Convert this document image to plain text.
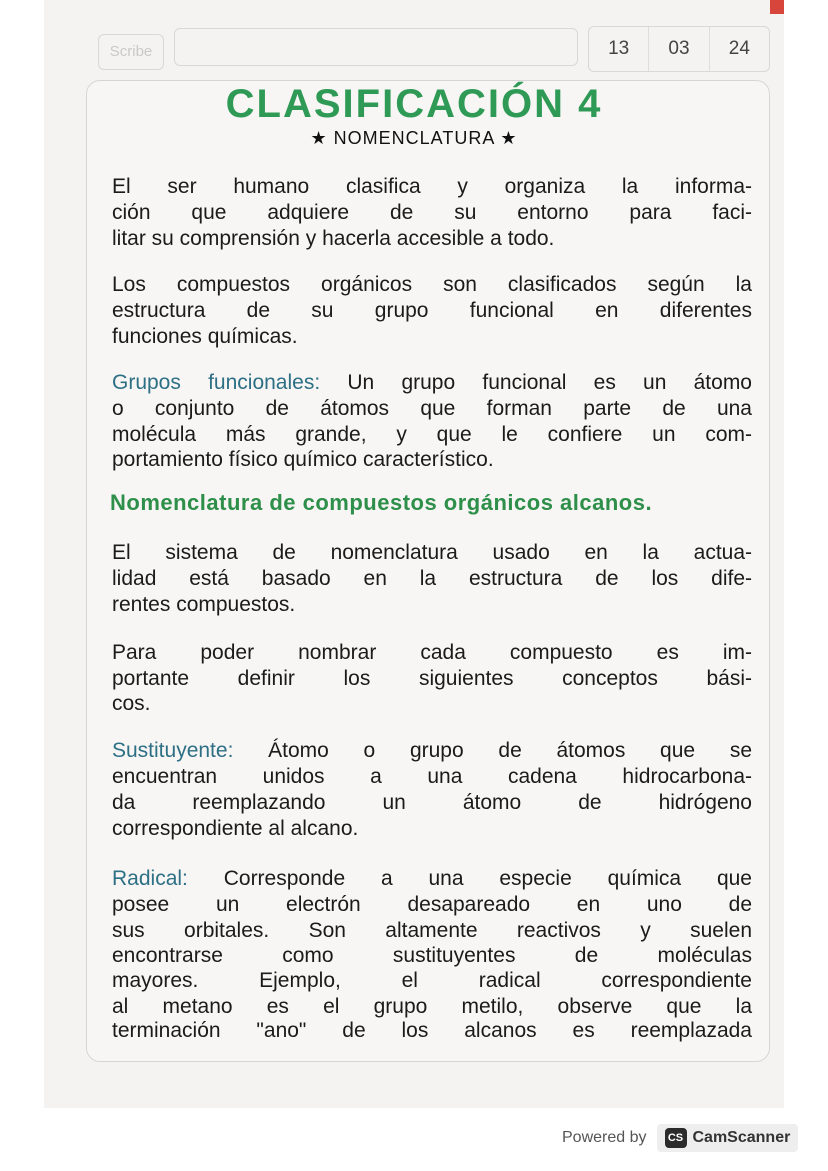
Scribe	13	03	24
CLASIFICACIÓN 4
★ NOMENCLATURA ★
El ser humano clasifica y organiza la informa-
ción que adquiere de su entorno para faci-
litar su comprensión y hacerla accesible a todo.
Los compuestos orgánicos son clasificados según la
estructura de su grupo funcional en diferentes
funciones químicas.
Grupos funcionales: Un grupo funcional es un átomo
o conjunto de átomos que forman parte de una
molécula más grande, y que le confiere un com-
portamiento físico químico característico.
Nomenclatura de compuestos orgánicos alcanos.
El sistema de nomenclatura usado en la actua-
lidad está basado en la estructura de los dife-
rentes compuestos.
Para poder nombrar cada compuesto es im-
portante definir los siguientes conceptos bási-
cos.
Sustituyente: Átomo o grupo de átomos que se
encuentran unidos a una cadena hidrocarbona-
da reemplazando un átomo de hidrógeno
correspondiente al alcano.
Radical: Corresponde a una especie química que
posee un electrón desapareado en uno de
sus orbitales. Son altamente reactivos y suelen
encontrarse como sustituyentes de moléculas
mayores. Ejemplo, el radical correspondiente
al metano es el grupo metilo, observe que la
terminación "ano" de los alcanos es reemplazada
Powered by	CS CamScanner
